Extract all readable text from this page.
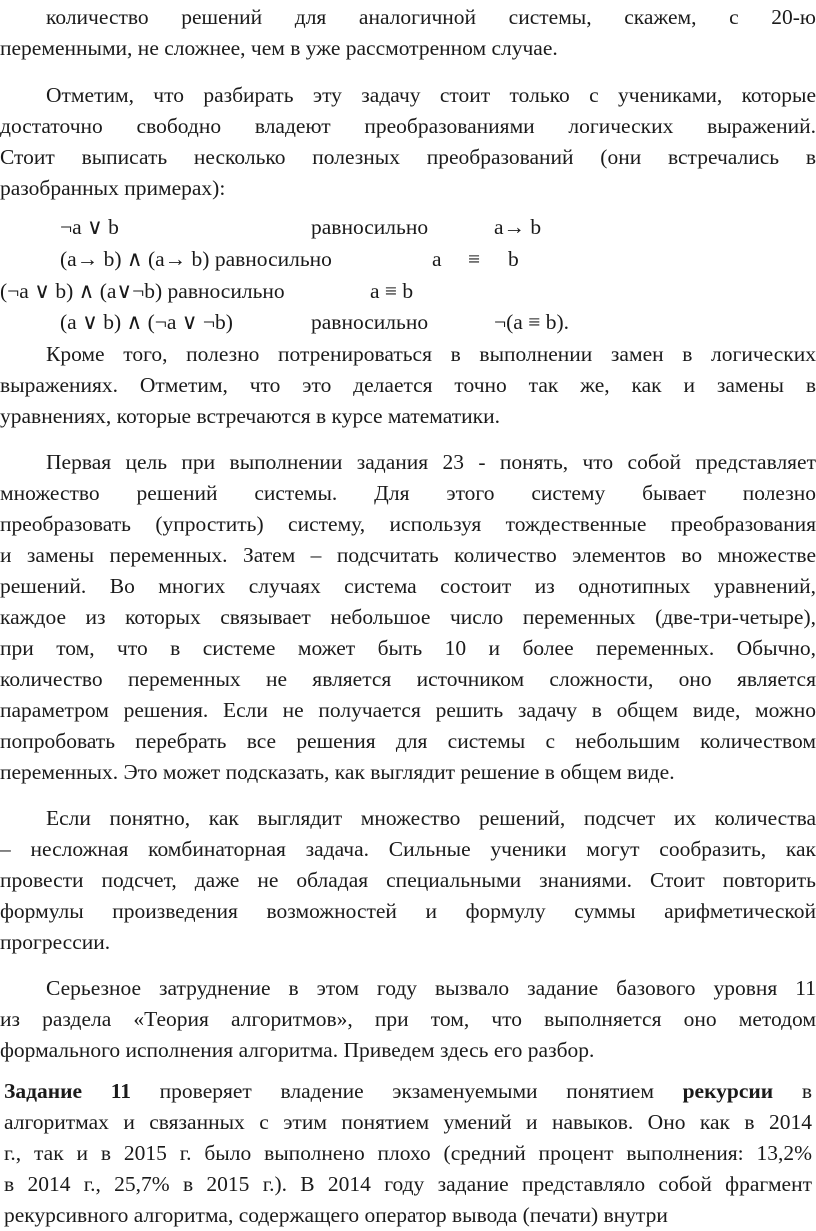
количество решений для аналогичной системы, скажем, с 20-ю
переменными, не сложнее, чем в уже рассмотренном случае.
Отметим, что разбирать эту задачу стоит только с учениками, которые
достаточно свободно владеют преобразованиями логических выражений.
Стоит выписать несколько полезных преобразований (они встречались в
разобранных примерах):
¬a ∨ b	равносильно	a→ b
(a→ b) ∧ (a→ b) равносильно	a ≡ b
(¬a ∨ b) ∧ (a∨¬b) равносильно	a ≡ b
(a ∨ b) ∧ (¬a ∨ ¬b)	равносильно	¬(a ≡ b).
Кроме того, полезно потренироваться в выполнении замен в логических
выражениях. Отметим, что это делается точно так же, как и замены в
уравнениях, которые встречаются в курсе математики.
Первая цель при выполнении задания 23 - понять, что собой представляет
множество решений системы. Для этого систему бывает полезно
преобразовать (упростить) систему, используя тождественные преобразования
и замены переменных. Затем – подсчитать количество элементов во множестве
решений. Во многих случаях система состоит из однотипных уравнений,
каждое из которых связывает небольшое число переменных (две-три-четыре),
при том, что в системе может быть 10 и более переменных. Обычно,
количество переменных не является источником сложности, оно является
параметром решения. Если не получается решить задачу в общем виде, можно
попробовать перебрать все решения для системы с небольшим количеством
переменных. Это может подсказать, как выглядит решение в общем виде.
Если понятно, как выглядит множество решений, подсчет их количества
– несложная комбинаторная задача. Сильные ученики могут сообразить, как
провести подсчет, даже не обладая специальными знаниями. Стоит повторить
формулы произведения возможностей и формулу суммы арифметической
прогрессии.
Серьезное затруднение в этом году вызвало задание базового уровня 11
из раздела «Теория алгоритмов», при том, что выполняется оно методом
формального исполнения алгоритма. Приведем здесь его разбор.
Задание 11 проверяет владение экзаменуемыми понятием рекурсии в
алгоритмах и связанных с этим понятием умений и навыков. Оно как в 2014
г., так и в 2015 г. было выполнено плохо (средний процент выполнения: 13,2%
в 2014 г., 25,7% в 2015 г.). В 2014 году задание представляло собой фрагмент
рекурсивного алгоритма, содержащего оператор вывода (печати) внутри
